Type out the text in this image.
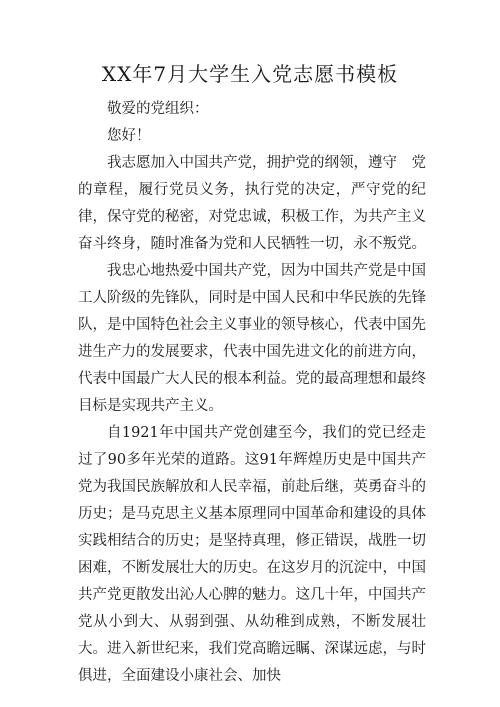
XX年7月大学生入党志愿书模板

敬爱的党组织：

您好！

我志愿加入中国共产党，拥护党的纲领，遵守　党的章程，履行党员义务，执行党的决定，严守党的纪律，保守党的秘密，对党忠诚，积极工作，为共产主义奋斗终身，随时准备为党和人民牺牲一切，永不叛党。

我忠心地热爱中国共产党，因为中国共产党是中国工人阶级的先锋队，同时是中国人民和中华民族的先锋队，是中国特色社会主义事业的领导核心，代表中国先进生产力的发展要求，代表中国先进文化的前进方向，代表中国最广大人民的根本利益。党的最高理想和最终目标是实现共产主义。

自1921年中国共产党创建至今，我们的党已经走过了90多年光荣的道路。这91年辉煌历史是中国共产党为我国民族解放和人民幸福，前赴后继，英勇奋斗的历史；是马克思主义基本原理同中国革命和建设的具体实践相结合的历史；是坚持真理，修正错误，战胜一切困难，不断发展壮大的历史。在这岁月的沉淀中，中国共产党更散发出沁人心脾的魅力。这几十年，中国共产党从小到大、从弱到强、从幼稚到成熟，不断发展壮大。进入新世纪来，我们党高瞻远瞩、深谋远虑，与时俱进，全面建设小康社会、加快
